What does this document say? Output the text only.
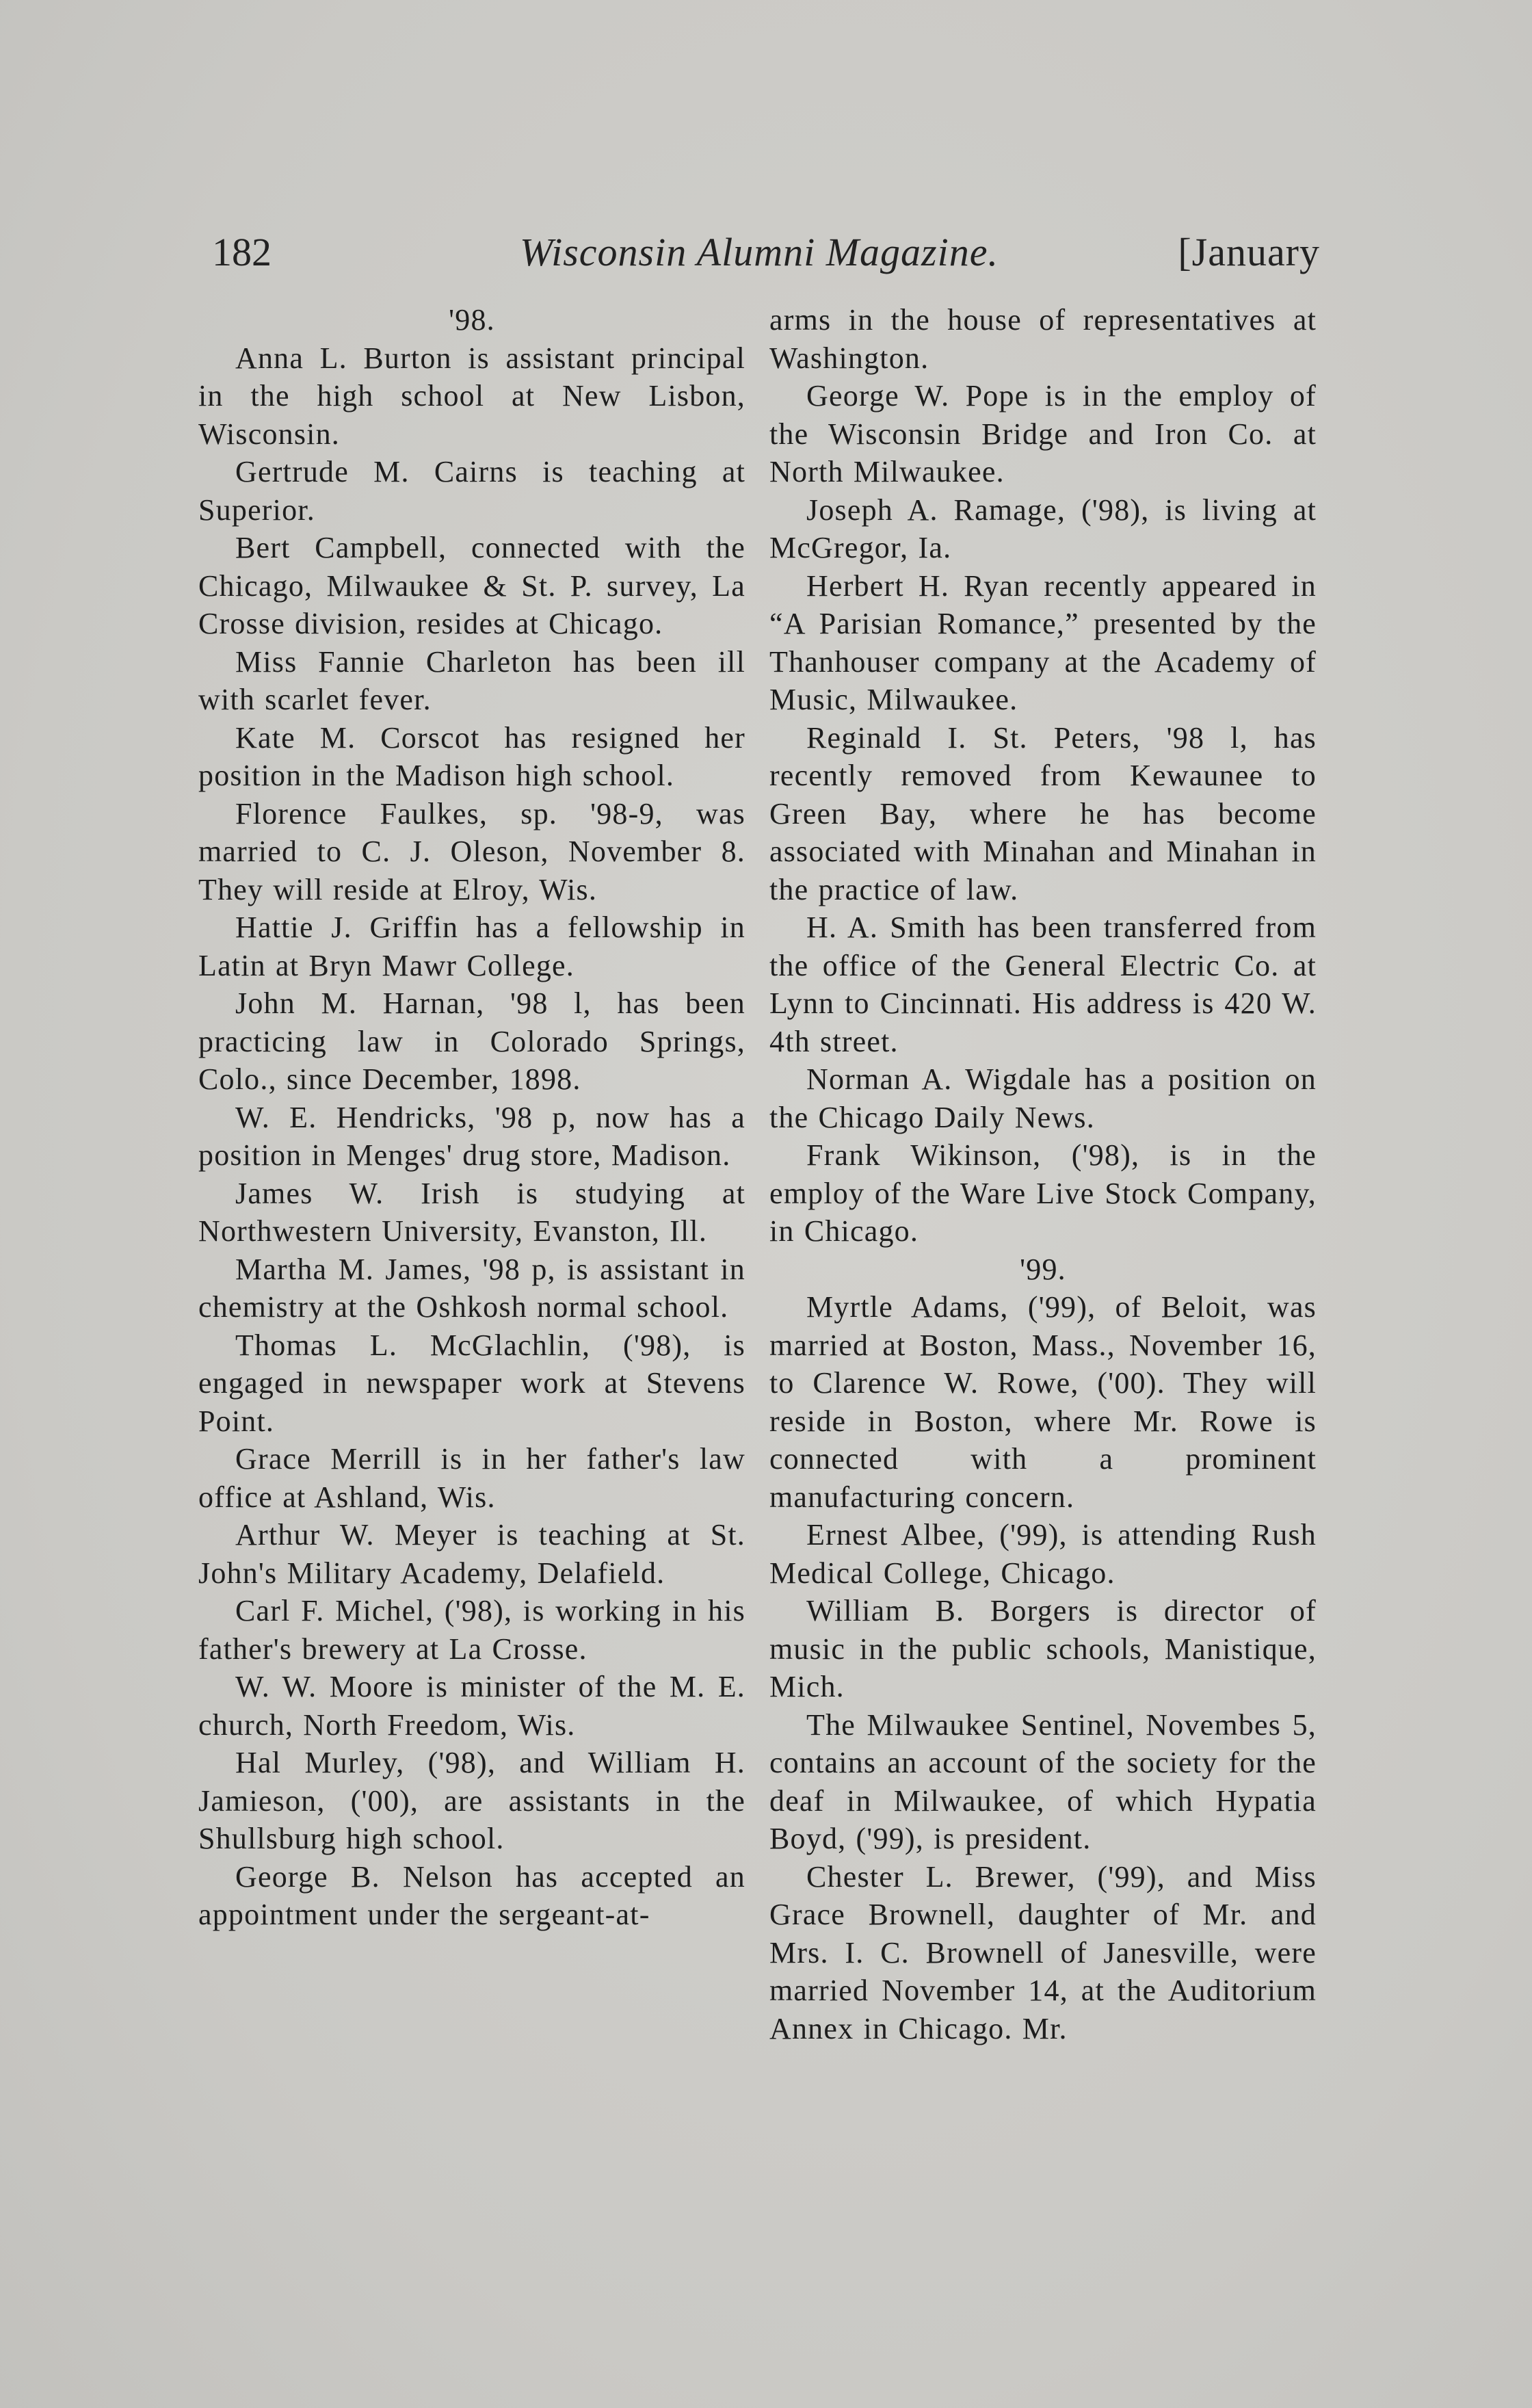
182	Wisconsin Alumni Magazine.	[January

'98.

Anna L. Burton is assistant principal in the high school at New Lisbon, Wisconsin.

Gertrude M. Cairns is teaching at Superior.

Bert Campbell, connected with the Chicago, Milwaukee & St. P. survey, La Crosse division, resides at Chicago.

Miss Fannie Charleton has been ill with scarlet fever.

Kate M. Corscot has resigned her position in the Madison high school.

Florence Faulkes, sp. '98-9, was married to C. J. Oleson, November 8. They will reside at Elroy, Wis.

Hattie J. Griffin has a fellowship in Latin at Bryn Mawr College.

John M. Harnan, '98 l, has been practicing law in Colorado Springs, Colo., since December, 1898.

W. E. Hendricks, '98 p, now has a position in Menges' drug store, Madison.

James W. Irish is studying at Northwestern University, Evanston, Ill.

Martha M. James, '98 p, is assistant in chemistry at the Oshkosh normal school.

Thomas L. McGlachlin, ('98), is engaged in newspaper work at Stevens Point.

Grace Merrill is in her father's law office at Ashland, Wis.

Arthur W. Meyer is teaching at St. John's Military Academy, Delafield.

Carl F. Michel, ('98), is working in his father's brewery at La Crosse.

W. W. Moore is minister of the M. E. church, North Freedom, Wis.

Hal Murley, ('98), and William H. Jamieson, ('00), are assistants in the Shullsburg high school.

George B. Nelson has accepted an appointment under the sergeant-at-

arms in the house of representatives at Washington.

George W. Pope is in the employ of the Wisconsin Bridge and Iron Co. at North Milwaukee.

Joseph A. Ramage, ('98), is living at McGregor, Ia.

Herbert H. Ryan recently appeared in “A Parisian Romance,” presented by the Thanhouser company at the Academy of Music, Milwaukee.

Reginald I. St. Peters, '98 l, has recently removed from Kewaunee to Green Bay, where he has become associated with Minahan and Minahan in the practice of law.

H. A. Smith has been transferred from the office of the General Electric Co. at Lynn to Cincinnati. His address is 420 W. 4th street.

Norman A. Wigdale has a position on the Chicago Daily News.

Frank Wikinson, ('98), is in the employ of the Ware Live Stock Company, in Chicago.

'99.

Myrtle Adams, ('99), of Beloit, was married at Boston, Mass., November 16, to Clarence W. Rowe, ('00). They will reside in Boston, where Mr. Rowe is connected with a prominent manufacturing concern.

Ernest Albee, ('99), is attending Rush Medical College, Chicago.

William B. Borgers is director of music in the public schools, Manistique, Mich.

The Milwaukee Sentinel, Novembes 5, contains an account of the society for the deaf in Milwaukee, of which Hypatia Boyd, ('99), is president.

Chester L. Brewer, ('99), and Miss Grace Brownell, daughter of Mr. and Mrs. I. C. Brownell of Janesville, were married November 14, at the Auditorium Annex in Chicago. Mr.
